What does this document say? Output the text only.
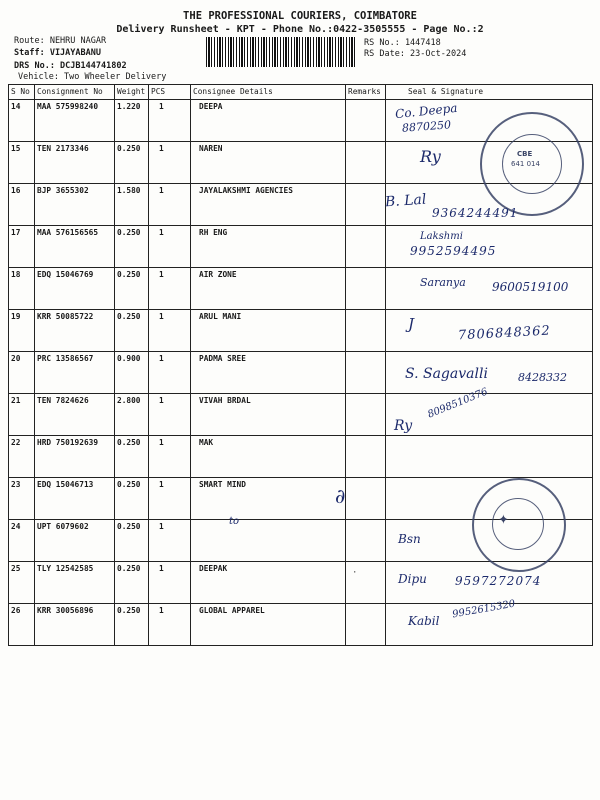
THE PROFESSIONAL COURIERS, COIMBATORE
Delivery Runsheet - KPT - Phone No.:0422-3505555 - Page No.:2
Route: NEHRU NAGAR
Staff: VIJAYABANU
DRS No.: DCJB144741802
Vehicle: Two Wheeler Delivery
RS No.: 1447418
RS Date: 23-Oct-2024
S No	Consignment No	Weight	PCS	Consignee Details	Remarks	Seal & Signature
14	MAA 575998240	1.220	1	DEEPA		
15	TEN 2173346	0.250	1	NAREN		
16	BJP 3655302	1.580	1	JAYALAKSHMI AGENCIES		
17	MAA 576156565	0.250	1	RH ENG		
18	EDQ 15046769	0.250	1	AIR ZONE		
19	KRR 50085722	0.250	1	ARUL MANI		
20	PRC 13586567	0.900	1	PADMA SREE		
21	TEN 7824626	2.800	1	VIVAH BRDAL		
22	HRD 750192639	0.250	1	MAK		
23	EDQ 15046713	0.250	1	SMART MIND		
24	UPT 6079602	0.250	1			
25	TLY 12542585	0.250	1	DEEPAK		
26	KRR 30056896	0.250	1	GLOBAL APPAREL		
Co. Deepa
8870250
CBE
641 014
Ry
B. Lal
9364244491
Lakshmi
9952594495
Saranya 9600519100
J	7806848362
S. Sagavalli	8428332
Ry
8098510376
∂
to
Bsn
✦
Dipu 9597272074
Kabil
9952615320
·
